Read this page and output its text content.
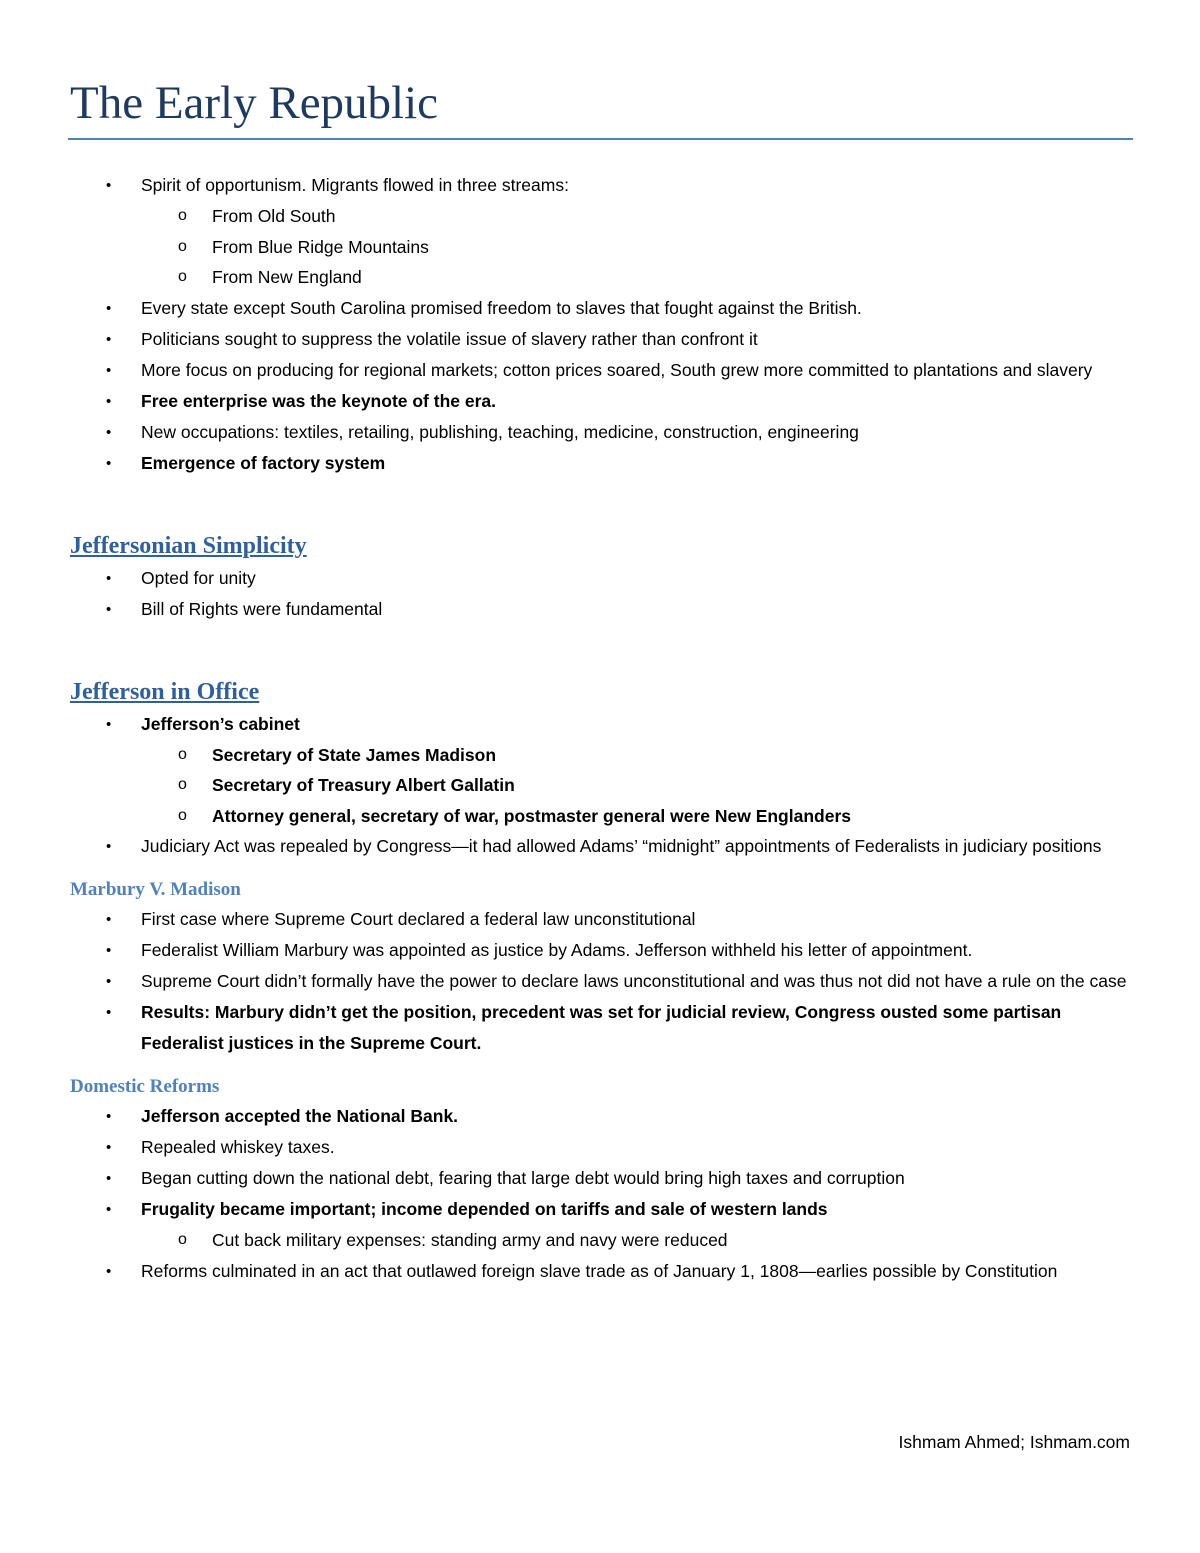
The Early Republic
• Spirit of opportunism. Migrants flowed in three streams:
o From Old South
o From Blue Ridge Mountains
o From New England
• Every state except South Carolina promised freedom to slaves that fought against the British.
• Politicians sought to suppress the volatile issue of slavery rather than confront it
• More focus on producing for regional markets; cotton prices soared, South grew more committed to plantations and slavery
• Free enterprise was the keynote of the era.
• New occupations: textiles, retailing, publishing, teaching, medicine, construction, engineering
• Emergence of factory system
Jeffersonian Simplicity
• Opted for unity
• Bill of Rights were fundamental
Jefferson in Office
• Jefferson’s cabinet
o Secretary of State James Madison
o Secretary of Treasury Albert Gallatin
o Attorney general, secretary of war, postmaster general were New Englanders
• Judiciary Act was repealed by Congress—it had allowed Adams’ “midnight” appointments of Federalists in judiciary positions
Marbury V. Madison
• First case where Supreme Court declared a federal law unconstitutional
• Federalist William Marbury was appointed as justice by Adams. Jefferson withheld his letter of appointment.
• Supreme Court didn’t formally have the power to declare laws unconstitutional and was thus not did not have a rule on the case
• Results: Marbury didn’t get the position, precedent was set for judicial review, Congress ousted some partisan Federalist justices in the Supreme Court.
Domestic Reforms
• Jefferson accepted the National Bank.
• Repealed whiskey taxes.
• Began cutting down the national debt, fearing that large debt would bring high taxes and corruption
• Frugality became important; income depended on tariffs and sale of western lands
o Cut back military expenses: standing army and navy were reduced
• Reforms culminated in an act that outlawed foreign slave trade as of January 1, 1808—earlies possible by Constitution
Ishmam Ahmed; Ishmam.com
